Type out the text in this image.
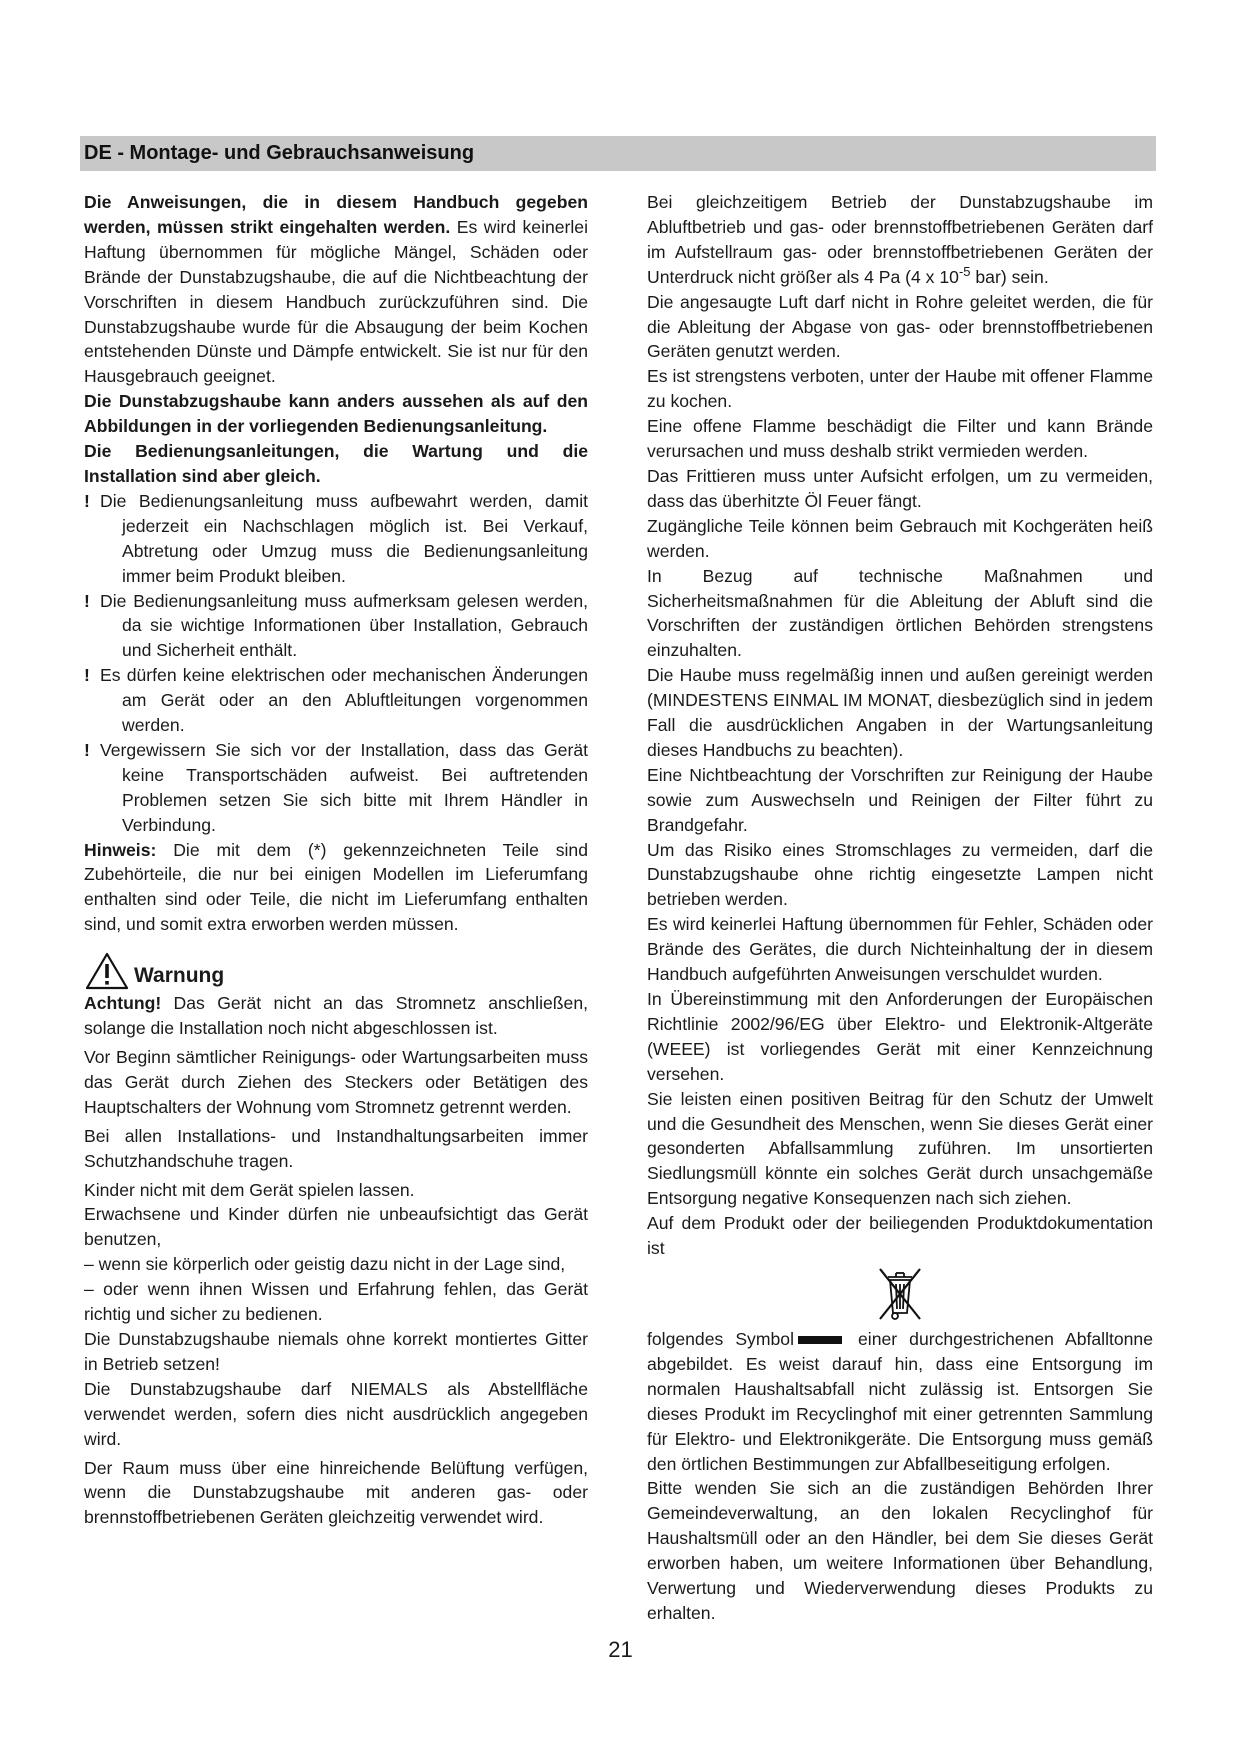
DE - Montage- und Gebrauchsanweisung

Die Anweisungen, die in diesem Handbuch gegeben werden, müssen strikt eingehalten werden. Es wird keinerlei Haftung übernommen für mögliche Mängel, Schäden oder Brände der Dunstabzugshaube, die auf die Nichtbeachtung der Vorschriften in diesem Handbuch zurückzuführen sind. Die Dunstabzugshaube wurde für die Absaugung der beim Kochen entstehenden Dünste und Dämpfe entwickelt. Sie ist nur für den Hausgebrauch geeignet.

Die Dunstabzugshaube kann anders aussehen als auf den Abbildungen in der vorliegenden Bedienungsanleitung.

Die Bedienungsanleitungen, die Wartung und die Installation sind aber gleich.

! Die Bedienungsanleitung muss aufbewahrt werden, damit jederzeit ein Nachschlagen möglich ist. Bei Verkauf, Abtretung oder Umzug muss die Bedienungsanleitung immer beim Produkt bleiben.

! Die Bedienungsanleitung muss aufmerksam gelesen werden, da sie wichtige Informationen über Installation, Gebrauch und Sicherheit enthält.

! Es dürfen keine elektrischen oder mechanischen Änderungen am Gerät oder an den Abluftleitungen vorgenommen werden.

! Vergewissern Sie sich vor der Installation, dass das Gerät keine Transportschäden aufweist. Bei auftretenden Problemen setzen Sie sich bitte mit Ihrem Händler in Verbindung.

Hinweis: Die mit dem (*) gekennzeichneten Teile sind Zubehörteile, die nur bei einigen Modellen im Lieferumfang enthalten sind oder Teile, die nicht im Lieferumfang enthalten sind, und somit extra erworben werden müssen.

Warnung

Achtung! Das Gerät nicht an das Stromnetz anschließen, solange die Installation noch nicht abgeschlossen ist.

Vor Beginn sämtlicher Reinigungs- oder Wartungsarbeiten muss das Gerät durch Ziehen des Steckers oder Betätigen des Hauptschalters der Wohnung vom Stromnetz getrennt werden.

Bei allen Installations- und Instandhaltungsarbeiten immer Schutzhandschuhe tragen.

Kinder nicht mit dem Gerät spielen lassen.

Erwachsene und Kinder dürfen nie unbeaufsichtigt das Gerät benutzen,

– wenn sie körperlich oder geistig dazu nicht in der Lage sind,

– oder wenn ihnen Wissen und Erfahrung fehlen, das Gerät richtig und sicher zu bedienen.

Die Dunstabzugshaube niemals ohne korrekt montiertes Gitter in Betrieb setzen!

Die Dunstabzugshaube darf NIEMALS als Abstellfläche verwendet werden, sofern dies nicht ausdrücklich angegeben wird.

Der Raum muss über eine hinreichende Belüftung verfügen, wenn die Dunstabzugshaube mit anderen gas- oder brennstoffbetriebenen Geräten gleichzeitig verwendet wird.

Bei gleichzeitigem Betrieb der Dunstabzugshaube im Abluftbetrieb und gas- oder brennstoffbetriebenen Geräten darf im Aufstellraum gas- oder brennstoffbetriebenen Geräten der Unterdruck nicht größer als 4 Pa (4 x $10^{-5}$ bar) sein.

Die angesaugte Luft darf nicht in Rohre geleitet werden, die für die Ableitung der Abgase von gas- oder brennstoffbetriebenen Geräten genutzt werden.

Es ist strengstens verboten, unter der Haube mit offener Flamme zu kochen.

Eine offene Flamme beschädigt die Filter und kann Brände verursachen und muss deshalb strikt vermieden werden.

Das Frittieren muss unter Aufsicht erfolgen, um zu vermeiden, dass das überhitzte Öl Feuer fängt.

Zugängliche Teile können beim Gebrauch mit Kochgeräten heiß werden.

In Bezug auf technische Maßnahmen und Sicherheitsmaßnahmen für die Ableitung der Abluft sind die Vorschriften der zuständigen örtlichen Behörden strengstens einzuhalten.

Die Haube muss regelmäßig innen und außen gereinigt werden (MINDESTENS EINMAL IM MONAT, diesbezüglich sind in jedem Fall die ausdrücklichen Angaben in der Wartungsanleitung dieses Handbuchs zu beachten).

Eine Nichtbeachtung der Vorschriften zur Reinigung der Haube sowie zum Auswechseln und Reinigen der Filter führt zu Brandgefahr.

Um das Risiko eines Stromschlages zu vermeiden, darf die Dunstabzugshaube ohne richtig eingesetzte Lampen nicht betrieben werden.

Es wird keinerlei Haftung übernommen für Fehler, Schäden oder Brände des Gerätes, die durch Nichteinhaltung der in diesem Handbuch aufgeführten Anweisungen verschuldet wurden.

In Übereinstimmung mit den Anforderungen der Europäischen Richtlinie 2002/96/EG über Elektro- und Elektronik-Altgeräte (WEEE) ist vorliegendes Gerät mit einer Kennzeichnung versehen.

Sie leisten einen positiven Beitrag für den Schutz der Umwelt und die Gesundheit des Menschen, wenn Sie dieses Gerät einer gesonderten Abfallsammlung zuführen. Im unsortierten Siedlungsmüll könnte ein solches Gerät durch unsachgemäße Entsorgung negative Konsequenzen nach sich ziehen.

Auf dem Produkt oder der beiliegenden Produktdokumentation ist

folgendes Symbol	einer durchgestrichenen Abfalltonne abgebildet. Es weist darauf hin, dass eine Entsorgung im normalen Haushaltsabfall nicht zulässig ist. Entsorgen Sie dieses Produkt im Recyclinghof mit einer getrennten Sammlung für Elektro- und Elektronikgeräte. Die Entsorgung muss gemäß den örtlichen Bestimmungen zur Abfallbeseitigung erfolgen.

Bitte wenden Sie sich an die zuständigen Behörden Ihrer Gemeindeverwaltung, an den lokalen Recyclinghof für Haushaltsmüll oder an den Händler, bei dem Sie dieses Gerät erworben haben, um weitere Informationen über Behandlung, Verwertung und Wiederverwendung dieses Produkts zu erhalten.

21
